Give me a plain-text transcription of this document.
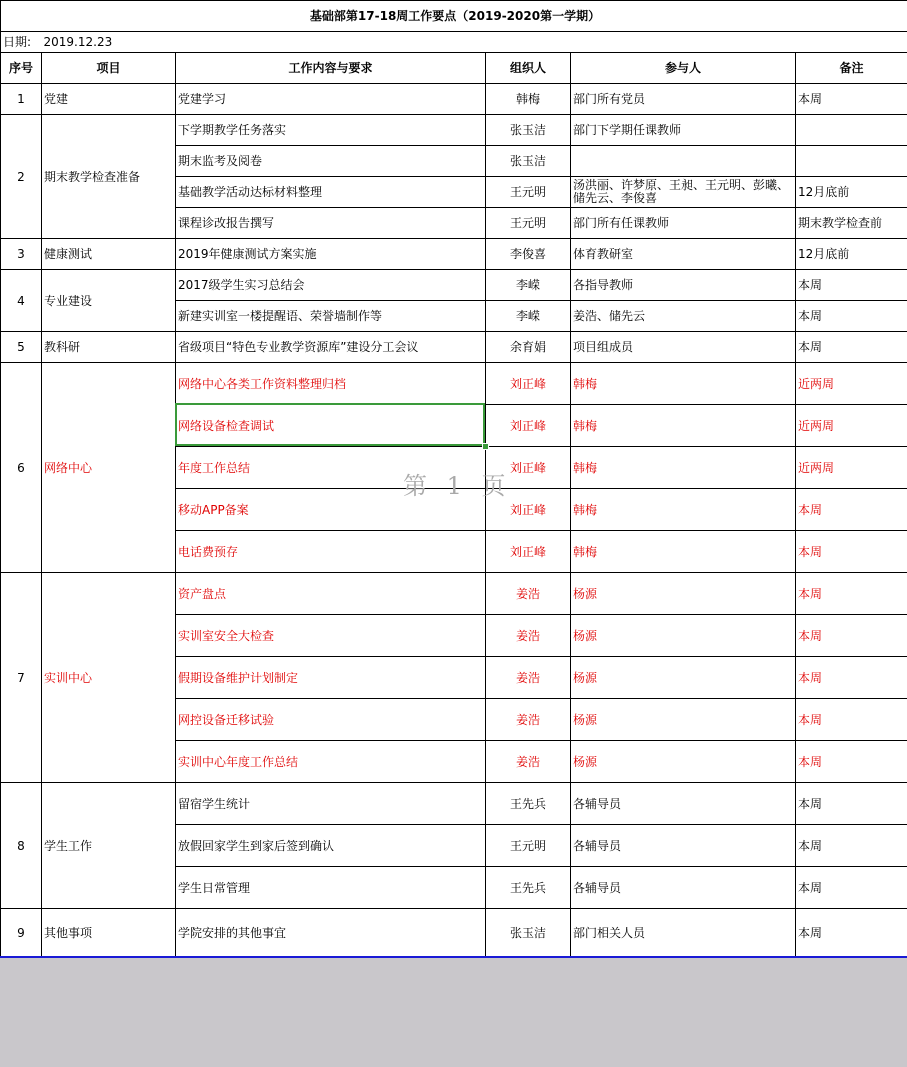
基础部第17-18周工作要点（2019-2020第一学期）					
日期:	2019.12.23				
序号	项目	工作内容与要求	组织人	参与人	备注
1	党建	党建学习	韩梅	部门所有党员	本周
2	期末教学检查准备	下学期教学任务落实	张玉洁	部门下学期任课教师	
		期末监考及阅卷	张玉洁		
		基础教学活动达标材料整理	王元明	汤洪丽、许梦原、王昶、王元明、彭曦、储先云、李俊喜	12月底前
		课程诊改报告撰写	王元明	部门所有任课教师	期末教学检查前
3	健康测试	2019年健康测试方案实施	李俊喜	体育教研室	12月底前
4	专业建设	2017级学生实习总结会	李嵘	各指导教师	本周
		新建实训室一楼提醒语、荣誉墙制作等	李嵘	姜浩、储先云	本周
5	教科研	省级项目“特色专业教学资源库”建设分工会议	余育娟	项目组成员	本周
6	网络中心	网络中心各类工作资料整理归档	刘正峰	韩梅	近两周
		网络设备检查调试	刘正峰	韩梅	近两周
		年度工作总结	刘正峰	韩梅	近两周
		移动APP备案	刘正峰	韩梅	本周
		电话费预存	刘正峰	韩梅	本周
7	实训中心	资产盘点	姜浩	杨源	本周
		实训室安全大检查	姜浩	杨源	本周
		假期设备维护计划制定	姜浩	杨源	本周
		网控设备迁移试验	姜浩	杨源	本周
		实训中心年度工作总结	姜浩	杨源	本周
8	学生工作	留宿学生统计	王先兵	各辅导员	本周
		放假回家学生到家后签到确认	王元明	各辅导员	本周
		学生日常管理	王先兵	各辅导员	本周
9	其他事项	学院安排的其他事宜	张玉洁	部门相关人员	本周
第 1 页
